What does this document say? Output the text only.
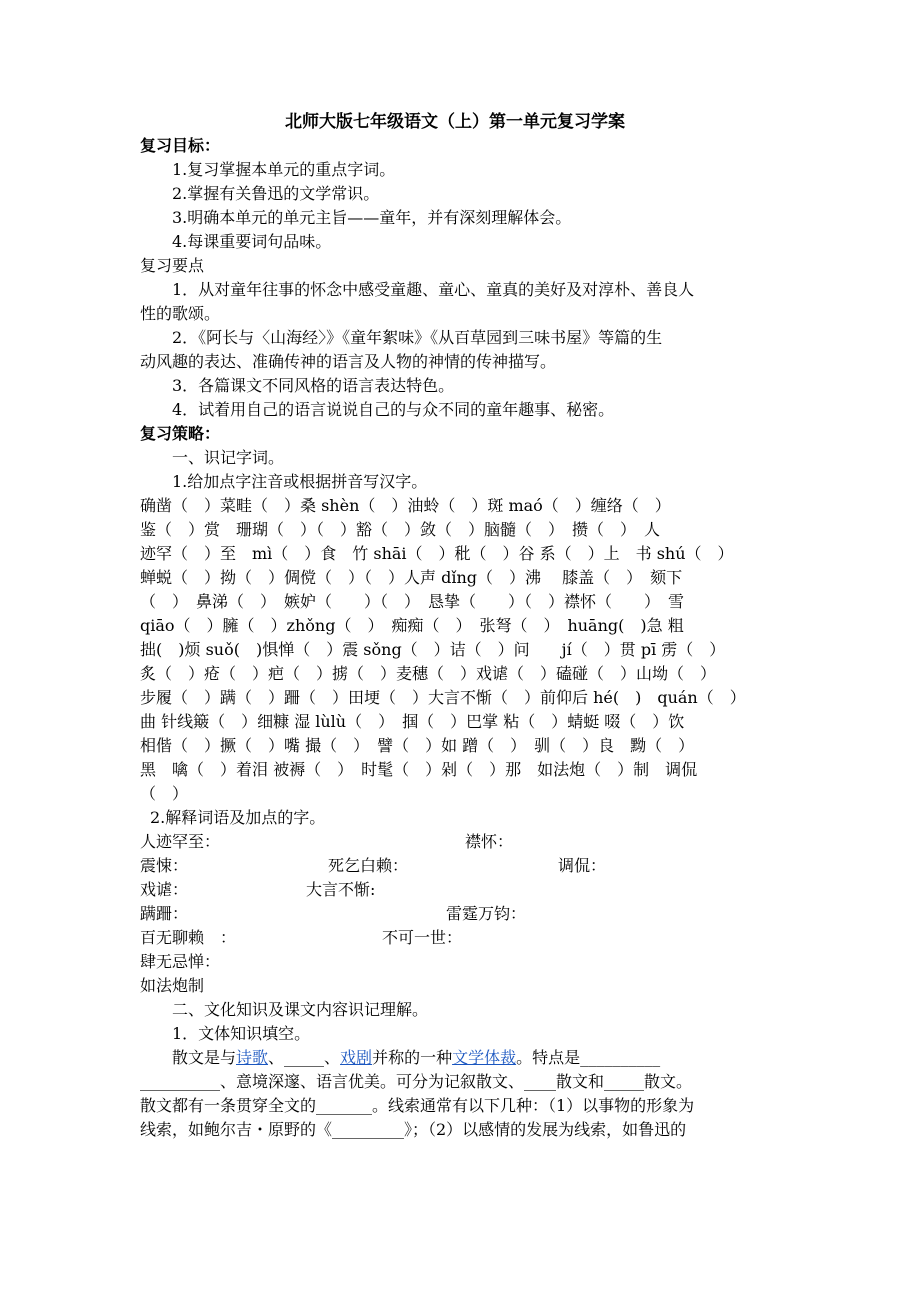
北师大版七年级语文（上）第一单元复习学案
复习目标：
1.复习掌握本单元的重点字词。
2.掌握有关鲁迅的文学常识。
3.明确本单元的单元主旨——童年，并有深刻理解体会。
4.每课重要词句品味。
复习要点
1．从对童年往事的怀念中感受童趣、童心、童真的美好及对淳朴、善良人
性的歌颂。
2．《阿长与〈山海经〉》《童年絮味》《从百草园到三味书屋》等篇的生
动风趣的表达、准确传神的语言及人物的神情的传神描写。
3．各篇课文不同风格的语言表达特色。
4．试着用自己的语言说说自己的与众不同的童年趣事、秘密。
复习策略：
一、识记字词。
1.给加点字注音或根据拼音写汉字。
确凿（　）菜畦（　）桑 shèn（　）油蛉（　）斑 maó（　）缠络（　）
鉴（　）赏　珊瑚（　）（　）豁（　）敛（　）脑髓（　）　攒（　）　人
迹罕（　）至　mì（　）食　竹 shāi（　）秕（　）谷 系（　）上　书 shú（　）
蝉蜕（　）拗（　）倜傥（　）（　）人声 dǐng（　）沸　 膝盖（　）　颏下
（　）　鼻涕（　）　嫉妒（　　）（　）　恳挚（　　）（　）襟怀（　　）　雪
qiāo（　）臃（　）zhǒng（　）　痴痴（　）　张弩（　）　huāng(　)急 粗
拙(　)烦 suǒ(　)惧惮（　）震 sǒng（　）诘（　）问　　jí（　）贯 pī 雳（　）
炙（　）疮（　）疤（　）掳（　）麦穗（　）戏谑（　）磕碰（　）山坳（　）
步履（　）蹒（　）跚（　）田埂（　）大言不惭（　）前仰后 hé(　)　quán（　）
曲 针线簸（　）细糠 湿 lùlù（　）　掴（　）巴掌 粘（　）蜻蜓 啜（　）饮
相偕（　）撅（　）嘴 撮（　）　譬（　）如 蹭（　）　驯（　）良　黝（　）
黑　噙（　）着泪 被褥（　）　时髦（　）剁（　）那　如法炮（　）制　调侃
（　）
2.解释词语及加点的字。
人迹罕至：	襟怀：
震悚：	死乞白赖：	调侃：
戏谑：	大言不惭:
蹒跚：	雷霆万钧：
百无聊赖　：	不可一世：
肆无忌惮：
如法炮制
二、文化知识及课文内容识记理解。
1．文体知识填空。
散文是与诗歌、_____、戏剧并称的一种文学体裁。特点是__________
__________、意境深邃、语言优美。可分为记叙散文、____散文和_____散文。
散文都有一条贯穿全文的_______。线索通常有以下几种：（1）以事物的形象为
线索，如鲍尔吉・原野的《_________》；（2）以感情的发展为线索，如鲁迅的
